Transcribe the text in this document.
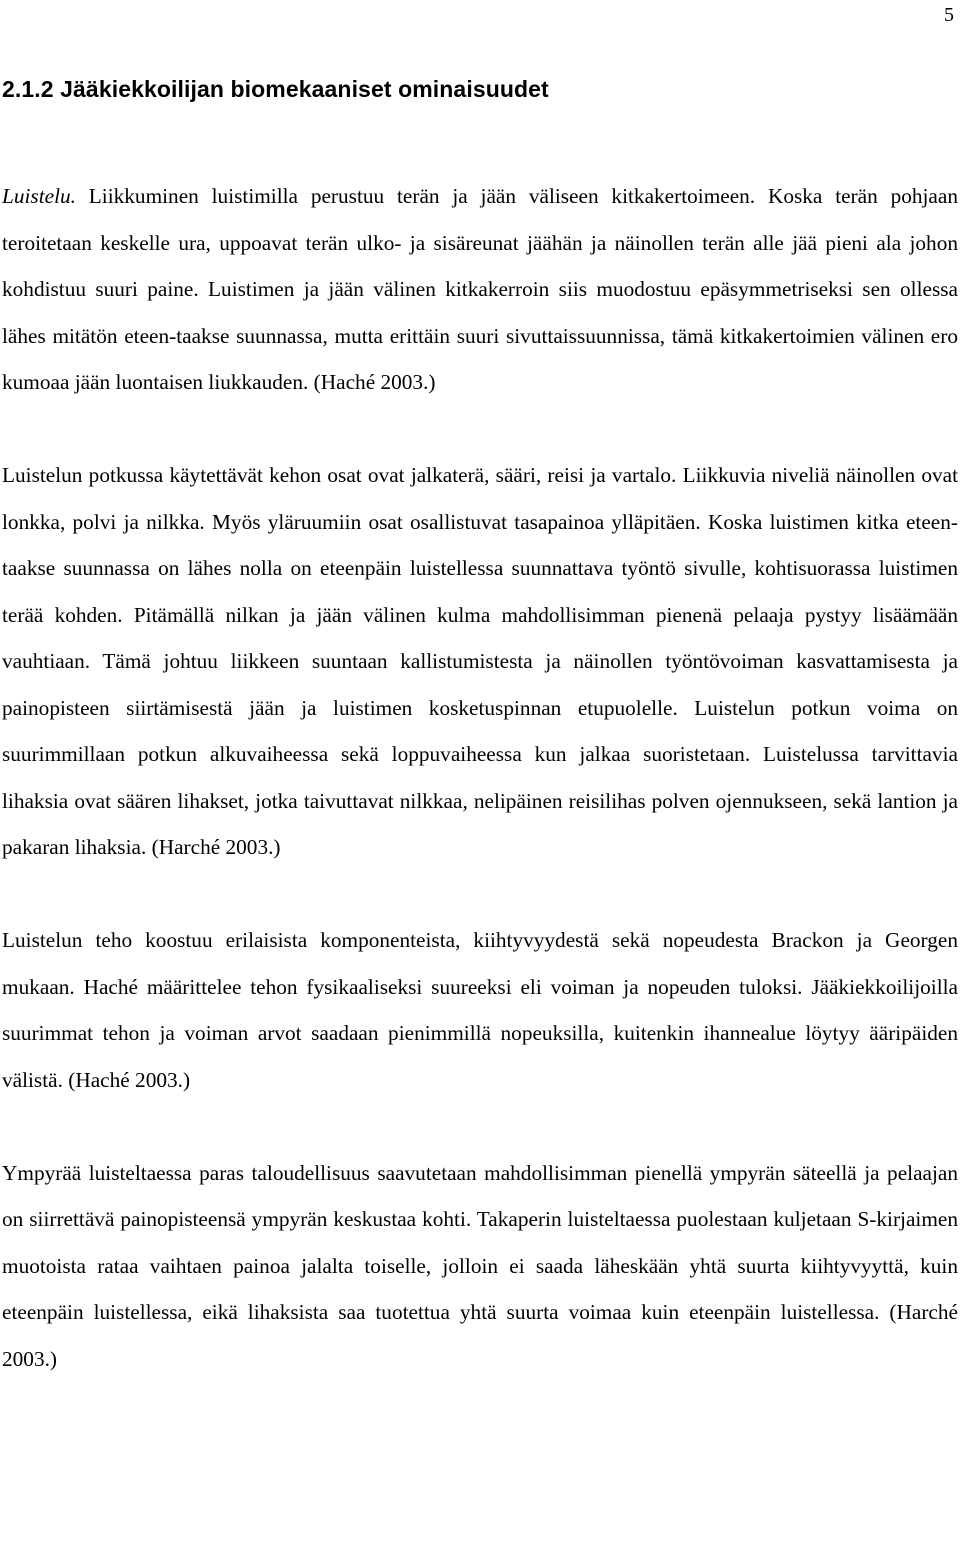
5
2.1.2 Jääkiekkoilijan biomekaaniset ominaisuudet

Luistelu. Liikkuminen luistimilla perustuu terän ja jään väliseen kitkakertoimeen. Koska terän pohjaan teroitetaan keskelle ura, uppoavat terän ulko- ja sisäreunat jäähän ja näinollen terän alle jää pieni ala johon kohdistuu suuri paine. Luistimen ja jään välinen kitkakerroin siis muodostuu epäsymmetriseksi sen ollessa lähes mitätön eteen-taakse suunnassa, mutta erittäin suuri sivuttaissuunnissa, tämä kitkakertoimien välinen ero kumoaa jään luontaisen liukkauden. (Haché 2003.)

Luistelun potkussa käytettävät kehon osat ovat jalkaterä, sääri, reisi ja vartalo. Liikkuvia niveliä näinollen ovat lonkka, polvi ja nilkka. Myös yläruumiin osat osallistuvat tasapainoa ylläpitäen. Koska luistimen kitka eteen-taakse suunnassa on lähes nolla on eteenpäin luistellessa suunnattava työntö sivulle, kohtisuorassa luistimen terää kohden. Pitämällä nilkan ja jään välinen kulma mahdollisimman pienenä pelaaja pystyy lisäämään vauhtiaan. Tämä johtuu liikkeen suuntaan kallistumistesta ja näinollen työntövoiman kasvattamisesta ja painopisteen siirtämisestä jään ja luistimen kosketuspinnan etupuolelle. Luistelun potkun voima on suurimmillaan potkun alkuvaiheessa sekä loppuvaiheessa kun jalkaa suoristetaan. Luistelussa tarvittavia lihaksia ovat säären lihakset, jotka taivuttavat nilkkaa, nelipäinen reisilihas polven ojennukseen, sekä lantion ja pakaran lihaksia. (Harché 2003.)

Luistelun teho koostuu erilaisista komponenteista, kiihtyvyydestä sekä nopeudesta Brackon ja Georgen mukaan. Haché määrittelee tehon fysikaaliseksi suureeksi eli voiman ja nopeuden tuloksi. Jääkiekkoilijoilla suurimmat tehon ja voiman arvot saadaan pienimmillä nopeuksilla, kuitenkin ihannealue löytyy ääripäiden välistä. (Haché 2003.)

Ympyrää luisteltaessa paras taloudellisuus saavutetaan mahdollisimman pienellä ympyrän säteellä ja pelaajan on siirrettävä painopisteensä ympyrän keskustaa kohti. Takaperin luisteltaessa puolestaan kuljetaan S-kirjaimen muotoista rataa vaihtaen painoa jalalta toiselle, jolloin ei saada läheskään yhtä suurta kiihtyvyyttä, kuin eteenpäin luistellessa, eikä lihaksista saa tuotettua yhtä suurta voimaa kuin eteenpäin luistellessa. (Harché 2003.)
